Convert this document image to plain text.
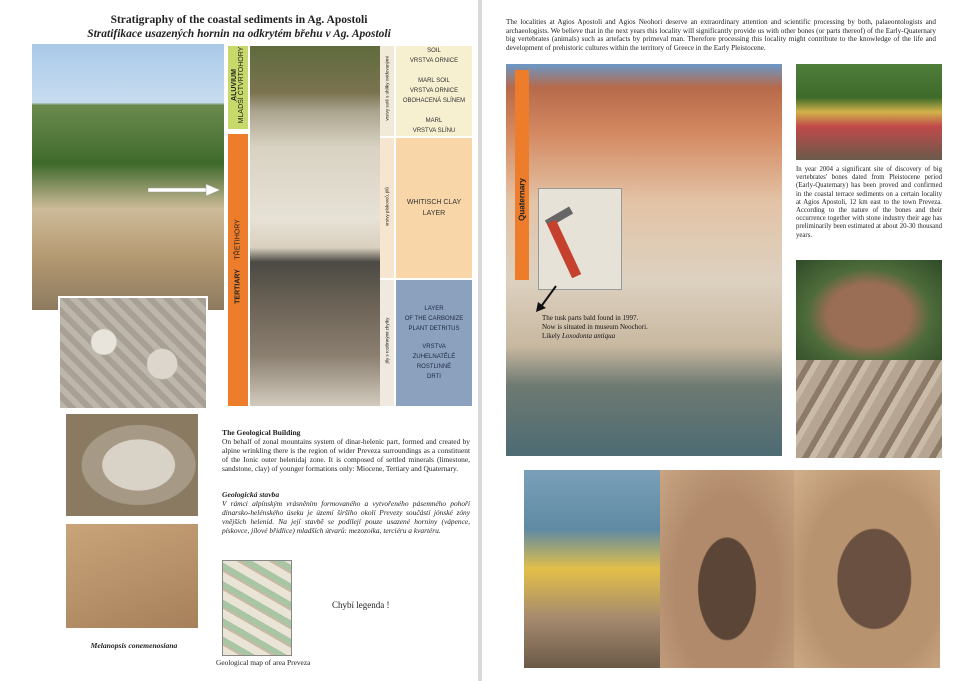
Stratigraphy of the coastal sediments in Ag. Apostoli
Stratifikace usazených hornin na odkrytém břehu v Ag. Apostoli
ALUVIUM MLADŠÍ ČTVRTOHORY
TERTIARY     TŘETIHORY
vrstvy sutě s uhlíky oxidovanými
vrstvy pískovců, jílů
jíly s rostlinnými zbytky
SOIL
VRSTVA ORNICE
MARL SOIL
VRSTVA ORNICE
OBOHACENÁ SLÍNEM
MARL
VRSTVA SLÍNU
WHITISCH CLAY
LAYER
LAYER
OF THE CARBONIZE
PLANT DETRITUS
VRSTVA
ZUHELNATĚLÉ
ROSTLINNÉ
DRTI
Melanopsis conemenosiana
The Geological Building
On behalf of zonal mountains system of dinar-helenic part, formed and created by alpine wrinkling there is the region of wider Preveza surroundings as a constituent of the Ionic outer helenidaj zone. It is composed of settled minerals (limestone, sandstone, clay) of younger formations only: Miocene, Tertiary and Quaternary.
Geologická stavba
V rámci alpínským vrásněním formovaného a vytvořeného pásemného pohoří dinarsko-helénského úseku je území širšího okolí Prevezy součástí jónské zóny vnějších helenid. Na její stavbě se podílejí pouze usazené horniny (vápence, pískovce, jílové břidlice) mladších útvarů: mezozoika, terciéru a kvartéru.
Geological map of area Preveza
Chybí legenda !
The localities at Agios Apostoli and Agios Neohori deserve an extraordinary attention and scientific processing by both, palaeontologists and archaeologists. We believe that in the next years this locality will significantly provide us with other bones (or parts thereof) of the Early-Quaternary big vertebrates (animals) such as artefacts by primeval man. Therefore processing this locality might contribute to the knowledge of the life and development of prehistoric cultures within the territory of Greece in the Early Pleistocene.
Quaternary
The tusk parts bald found in 1997.
Now is situated in museum Neochori.
Likely Loxodonta antiqua
In year 2004 a significant site of discovery of big vertebrates' bones dated from Pleistocene period (Early-Quaternary) has been proved and confirmed in the coastal terrace sediments on a certain locality at Agios Apostoli, 12 km east to the town Preveza. According to the nature of the bones and their occurrence together with stone industry their age has preliminarily been estimated at about 20-30 thousand years.
